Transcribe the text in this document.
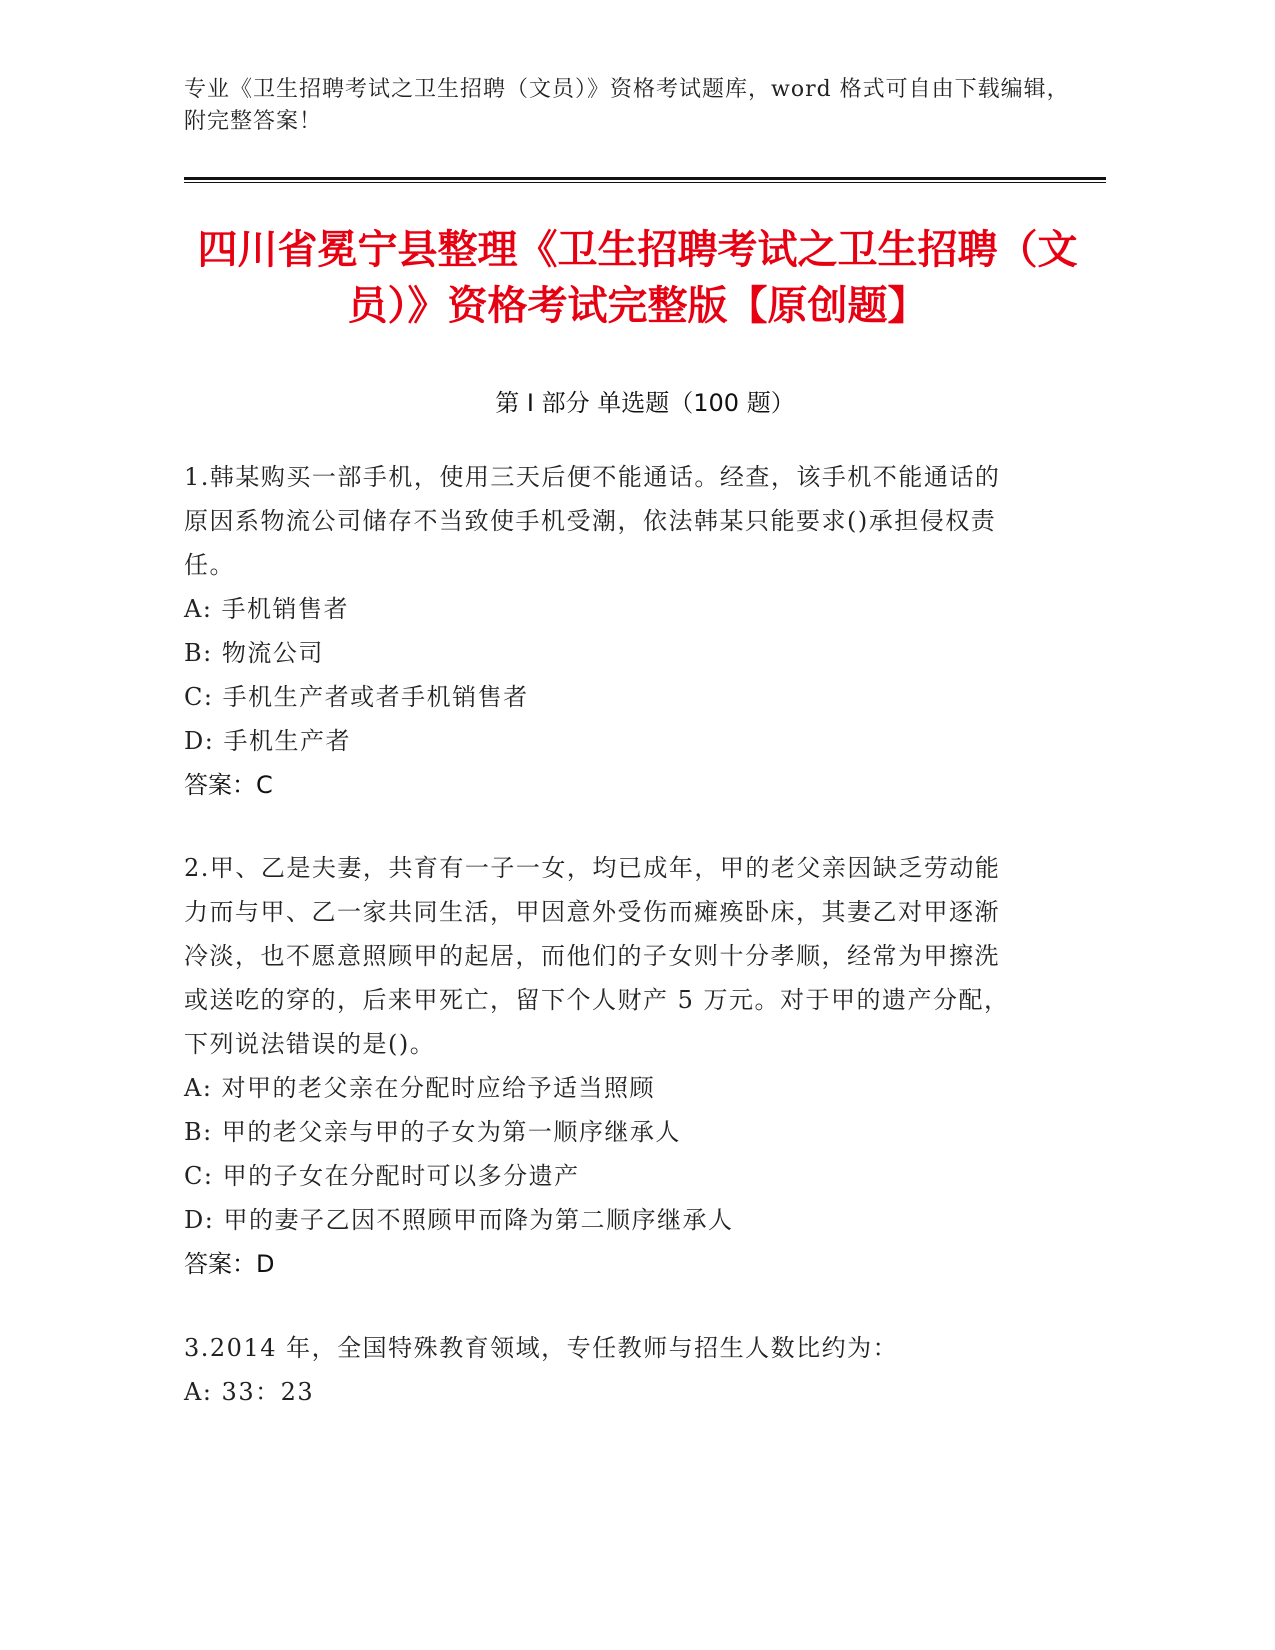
专业《卫生招聘考试之卫生招聘（文员）》资格考试题库，word 格式可自由下载编辑，附完整答案！
四川省冕宁县整理《卫生招聘考试之卫生招聘（文员）》资格考试完整版【原创题】
第 I 部分 单选题（100 题）
1.韩某购买一部手机，使用三天后便不能通话。经查，该手机不能通话的原因系物流公司储存不当致使手机受潮，依法韩某只能要求()承担侵权责任。
A: 手机销售者
B: 物流公司
C: 手机生产者或者手机销售者
D: 手机生产者
答案：C
2.甲、乙是夫妻，共育有一子一女，均已成年，甲的老父亲因缺乏劳动能力而与甲、乙一家共同生活，甲因意外受伤而瘫痪卧床，其妻乙对甲逐渐冷淡，也不愿意照顾甲的起居，而他们的子女则十分孝顺，经常为甲擦洗或送吃的穿的，后来甲死亡，留下个人财产 5 万元。对于甲的遗产分配，下列说法错误的是()。
A: 对甲的老父亲在分配时应给予适当照顾
B: 甲的老父亲与甲的子女为第一顺序继承人
C: 甲的子女在分配时可以多分遗产
D: 甲的妻子乙因不照顾甲而降为第二顺序继承人
答案：D
3.2014 年，全国特殊教育领域，专任教师与招生人数比约为：
A: 33：23
